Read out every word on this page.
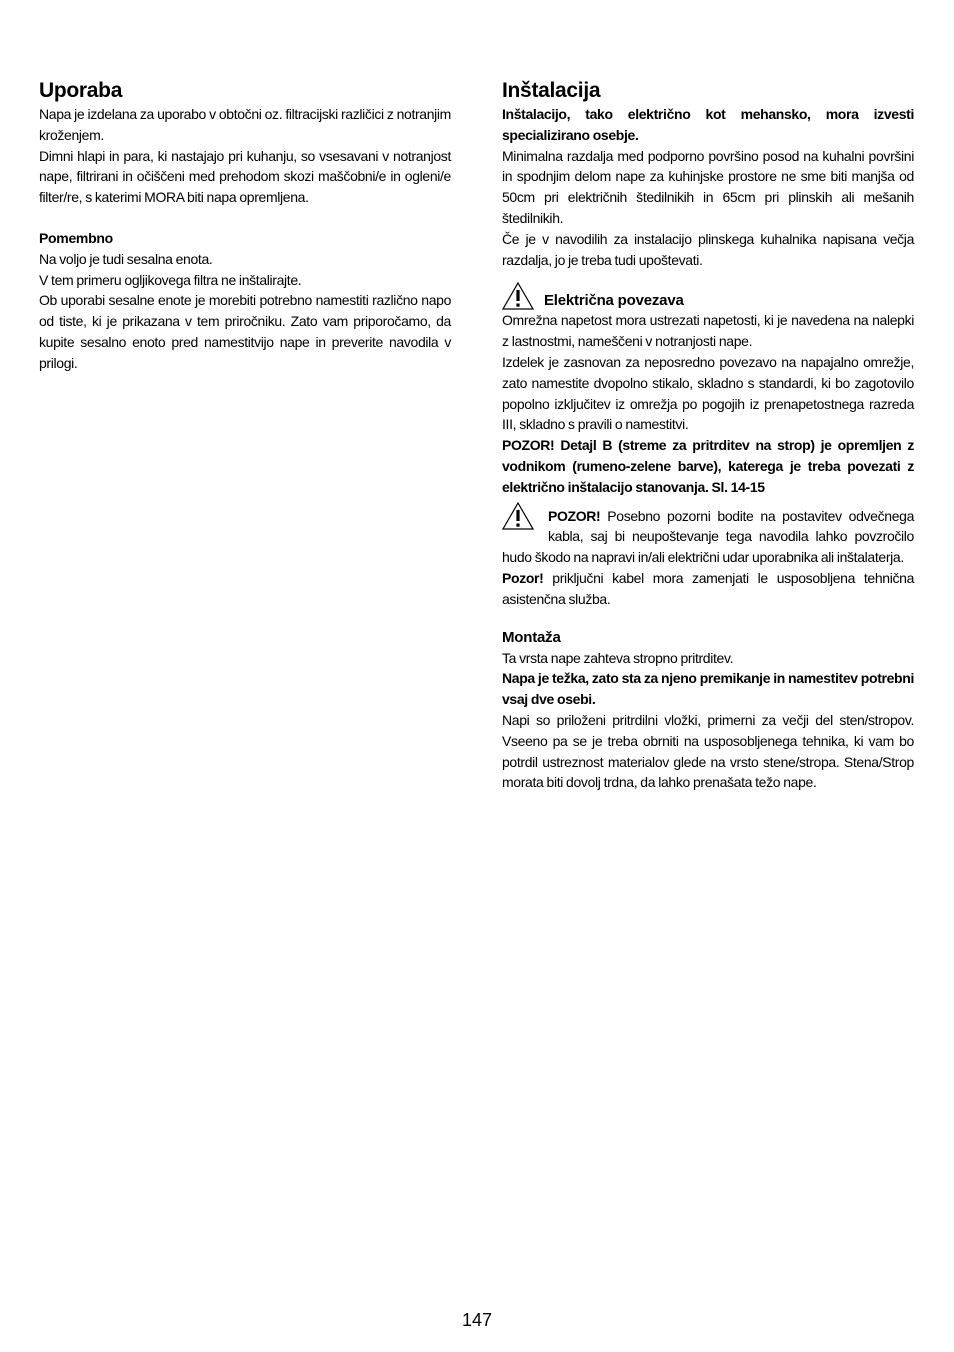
Uporaba

Napa je izdelana za uporabo v obtočni oz. filtracijski različici z notranjim kroženjem.

Dimni hlapi in para, ki nastajajo pri kuhanju, so vsesavani v notranjost nape, filtrirani in očiščeni med prehodom skozi maščobni/e in ogleni/e filter/re, s katerimi MORA biti napa opremljena.

Pomembno

Na voljo je tudi sesalna enota.

V tem primeru ogljikovega filtra ne inštalirajte.

Ob uporabi sesalne enote je morebiti potrebno namestiti različno napo od tiste, ki je prikazana v tem priročniku. Zato vam priporočamo, da kupite sesalno enoto pred namestitvijo nape in preverite navodila v prilogi.

Inštalacija

Inštalacijo, tako električno kot mehansko, mora izvesti specializirano osebje.

Minimalna razdalja med podporno površino posod na kuhalni površini in spodnjim delom nape za kuhinjske prostore ne sme biti manjša od 50cm pri električnih štedilnikih in 65cm pri plinskih ali mešanih štedilnikih.

Če je v navodilih za instalacijo plinskega kuhalnika napisana večja razdalja, jo je treba tudi upoštevati.

Električna povezava

Omrežna napetost mora ustrezati napetosti, ki je navedena na nalepki z lastnostmi, nameščeni v notranjosti nape.

Izdelek je zasnovan za neposredno povezavo na napajalno omrežje, zato namestite dvopolno stikalo, skladno s standardi, ki bo zagotovilo popolno izključitev iz omrežja po pogojih iz prenapetostnega razreda III, skladno s pravili o namestitvi.

POZOR! Detajl B (streme za pritrditev na strop) je opremljen z vodnikom (rumeno-zelene barve), katerega je treba povezati z električno inštalacijo stanovanja. Sl. 14-15

POZOR! Posebno pozorni bodite na postavitev odvečnega kabla, saj bi neupoštevanje tega navodila lahko povzročilo hudo škodo na napravi in/ali električni udar uporabnika ali inštalaterja.

Pozor! priključni kabel mora zamenjati le usposobljena tehnična asistenčna služba.

Montaža

Ta vrsta nape zahteva stropno pritrditev.

Napa je težka, zato sta za njeno premikanje in namestitev potrebni vsaj dve osebi.

Napi so priloženi pritrdilni vložki, primerni za večji del sten/stropov. Vseeno pa se je treba obrniti na usposobljenega tehnika, ki vam bo potrdil ustreznost materialov glede na vrsto stene/stropa. Stena/Strop morata biti dovolj trdna, da lahko prenašata težo nape.

147
